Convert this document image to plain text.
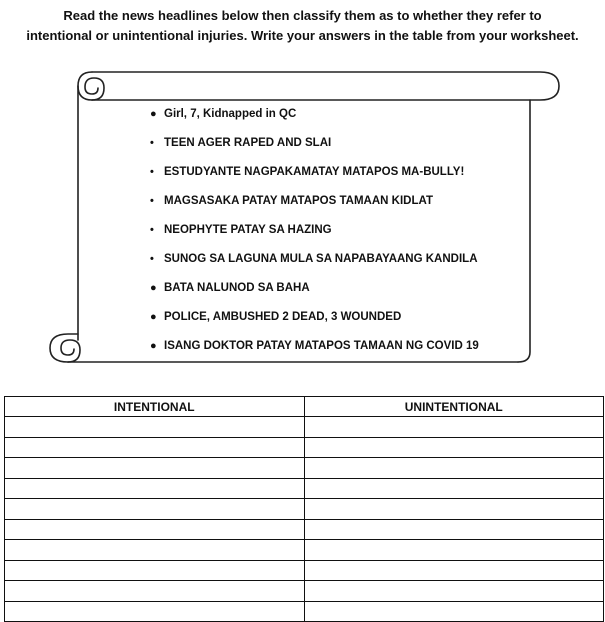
Read the news headlines below then classify them as to whether they refer to
intentional or unintentional injuries. Write your answers in the table from your worksheet.
● Girl, 7, Kidnapped in QC
• TEEN AGER RAPED AND SLAI
• ESTUDYANTE NAGPAKAMATAY MATAPOS MA-BULLY!
• MAGSASAKA PATAY MATAPOS TAMAAN KIDLAT
• NEOPHYTE PATAY SA HAZING
• SUNOG SA LAGUNA MULA SA NAPABAYAANG KANDILA
● BATA NALUNOD SA BAHA
● POLICE, AMBUSHED 2 DEAD, 3 WOUNDED
● ISANG DOKTOR PATAY MATAPOS TAMAAN NG COVID 19
INTENTIONAL	UNINTENTIONAL
